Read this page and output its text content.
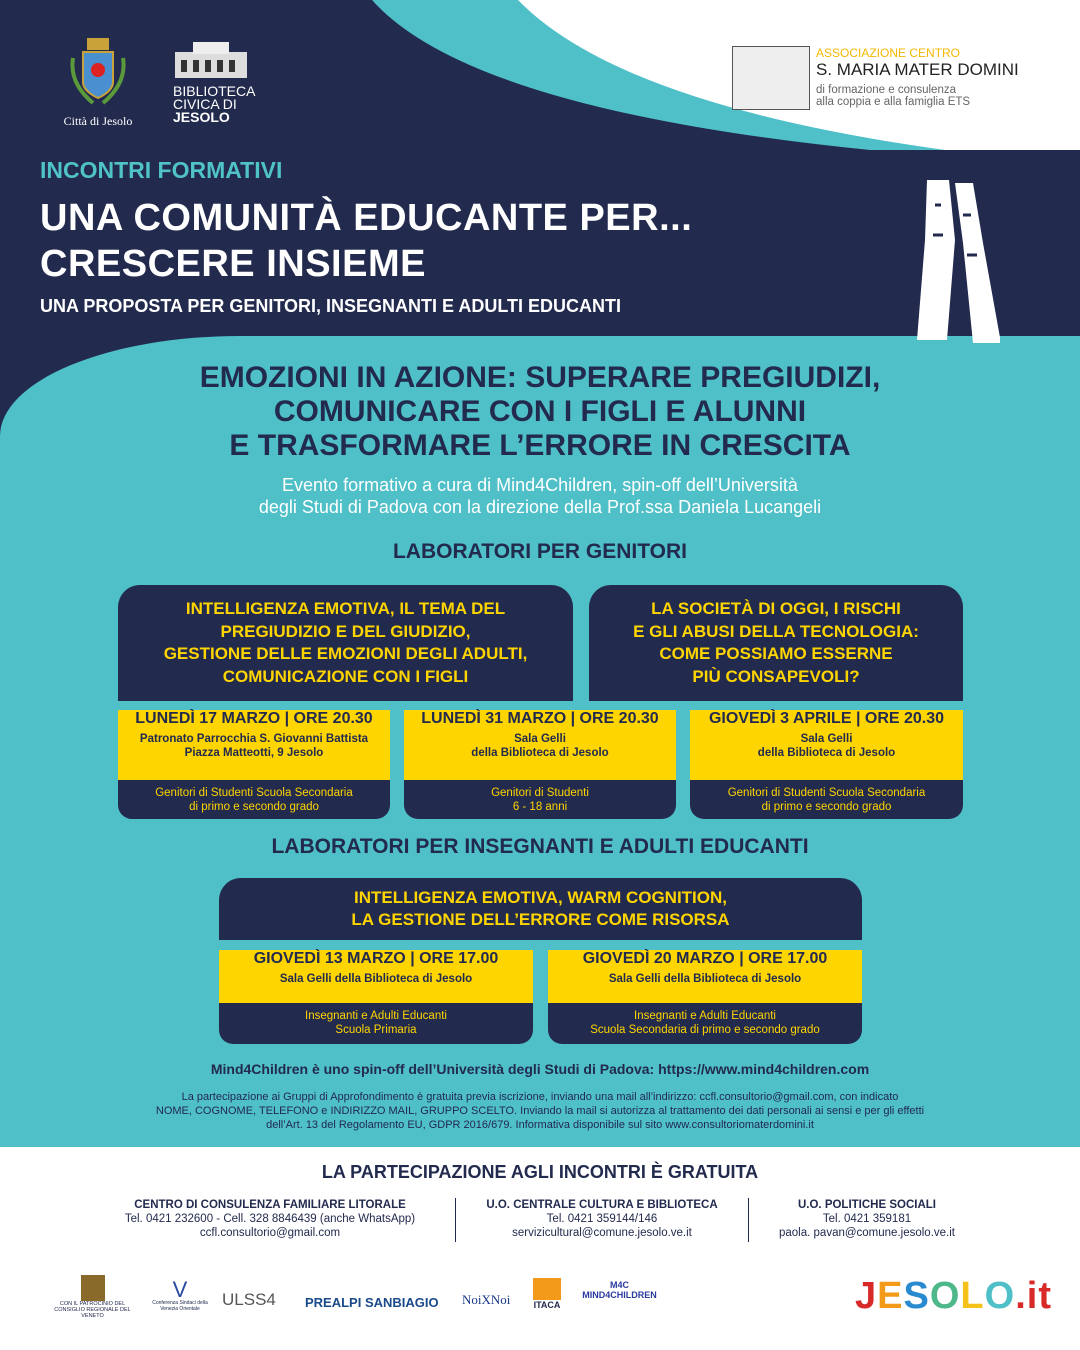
Città di Jesolo
BIBLIOTECA
CIVICA DI
JESOLO
ASSOCIAZIONE CENTRO
S. MARIA MATER DOMINI
di formazione e consulenza
alla coppia e alla famiglia ETS
INCONTRI FORMATIVI
UNA COMUNITÀ EDUCANTE PER...
CRESCERE INSIEME
UNA PROPOSTA PER GENITORI, INSEGNANTI E ADULTI EDUCANTI
EMOZIONI IN AZIONE: SUPERARE PREGIUDIZI,
COMUNICARE CON I FIGLI E ALUNNI
E TRASFORMARE L’ERRORE IN CRESCITA
Evento formativo a cura di Mind4Children, spin-off dell’Università
degli Studi di Padova con la direzione della Prof.ssa Daniela Lucangeli
LABORATORI PER GENITORI
INTELLIGENZA EMOTIVA, IL TEMA DEL
PREGIUDIZIO E DEL GIUDIZIO,
GESTIONE DELLE EMOZIONI DEGLI ADULTI,
COMUNICAZIONE CON I FIGLI
LA SOCIETÀ DI OGGI, I RISCHI
E GLI ABUSI DELLA TECNOLOGIA:
COME POSSIAMO ESSERNE
PIÙ CONSAPEVOLI?
LUNEDÌ 17 MARZO | ORE 20.30
Patronato Parrocchia S. Giovanni Battista
Piazza Matteotti, 9 Jesolo
Genitori di Studenti Scuola Secondaria
di primo e secondo grado
LUNEDÌ 31 MARZO | ORE 20.30
Sala Gelli
della Biblioteca di Jesolo
Genitori di Studenti
6 - 18 anni
GIOVEDÌ 3 APRILE | ORE 20.30
Sala Gelli
della Biblioteca di Jesolo
Genitori di Studenti Scuola Secondaria
di primo e secondo grado
LABORATORI PER INSEGNANTI E ADULTI EDUCANTI
INTELLIGENZA EMOTIVA, WARM COGNITION,
LA GESTIONE DELL’ERRORE COME RISORSA
GIOVEDÌ 13 MARZO | ORE 17.00
Sala Gelli della Biblioteca di Jesolo
Insegnanti e Adulti Educanti
Scuola Primaria
GIOVEDÌ 20 MARZO | ORE 17.00
Sala Gelli della Biblioteca di Jesolo
Insegnanti e Adulti Educanti
Scuola Secondaria di primo e secondo grado
Mind4Children è uno spin-off dell’Università degli Studi di Padova: https://www.mind4children.com
La partecipazione ai Gruppi di Approfondimento è gratuita previa iscrizione, inviando una mail all’indirizzo: ccfl.consultorio@gmail.com, con indicato
NOME, COGNOME, TELEFONO e INDIRIZZO MAIL, GRUPPO SCELTO. Inviando la mail si autorizza al trattamento dei dati personali ai sensi e per gli effetti
dell’Art. 13 del Regolamento EU, GDPR 2016/679. Informativa disponibile sul sito www.consultoriomaterdomini.it
LA PARTECIPAZIONE AGLI INCONTRI È GRATUITA
CENTRO DI CONSULENZA FAMILIARE LITORALE
Tel. 0421 232600 - Cell. 328 8846439 (anche WhatsApp)
ccfl.consultorio@gmail.com
U.O. CENTRALE CULTURA E BIBLIOTECA
Tel. 0421 359144/146
servizicultural@comune.jesolo.ve.it
U.O. POLITICHE SOCIALI
Tel. 0421 359181
paola. pavan@comune.jesolo.ve.it
CON IL PATROCINIO DEL CONSIGLIO REGIONALE DEL VENETO
V
Conferenza Sindaci della Venezia Orientale	ULSS4 PREALPI SANBIAGIO NoiXNoi	ITACA
M4C MIND4CHILDREN	JESOLO.it
